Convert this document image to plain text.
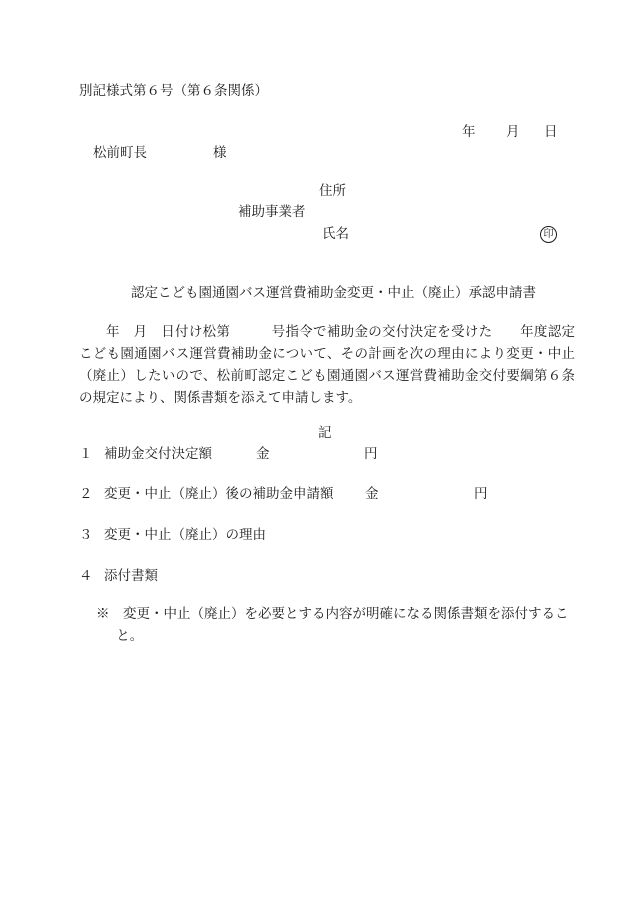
別記様式第６号（第６条関係）
年 月 日
松前町長	様
住所
補助事業者
氏名	印
認定こども園通園バス運営費補助金変更・中止（廃止）承認申請書
年　月　日付け松第　　　号指令で補助金の交付決定を受けた　　年度認定こども園通園バス運営費補助金について、その計画を次の理由により変更・中止（廃止）したいので、松前町認定こども園通園バス運営費補助金交付要綱第６条の規定により、関係書類を添えて申請します。
記
１ 補助金交付決定額	金	円
２ 変更・中止（廃止）後の補助金申請額 金	円
３ 変更・中止（廃止）の理由
４ 添付書類
※　 変更・中止（廃止）を必要とする内容が明確になる関係書類を添付すること。
